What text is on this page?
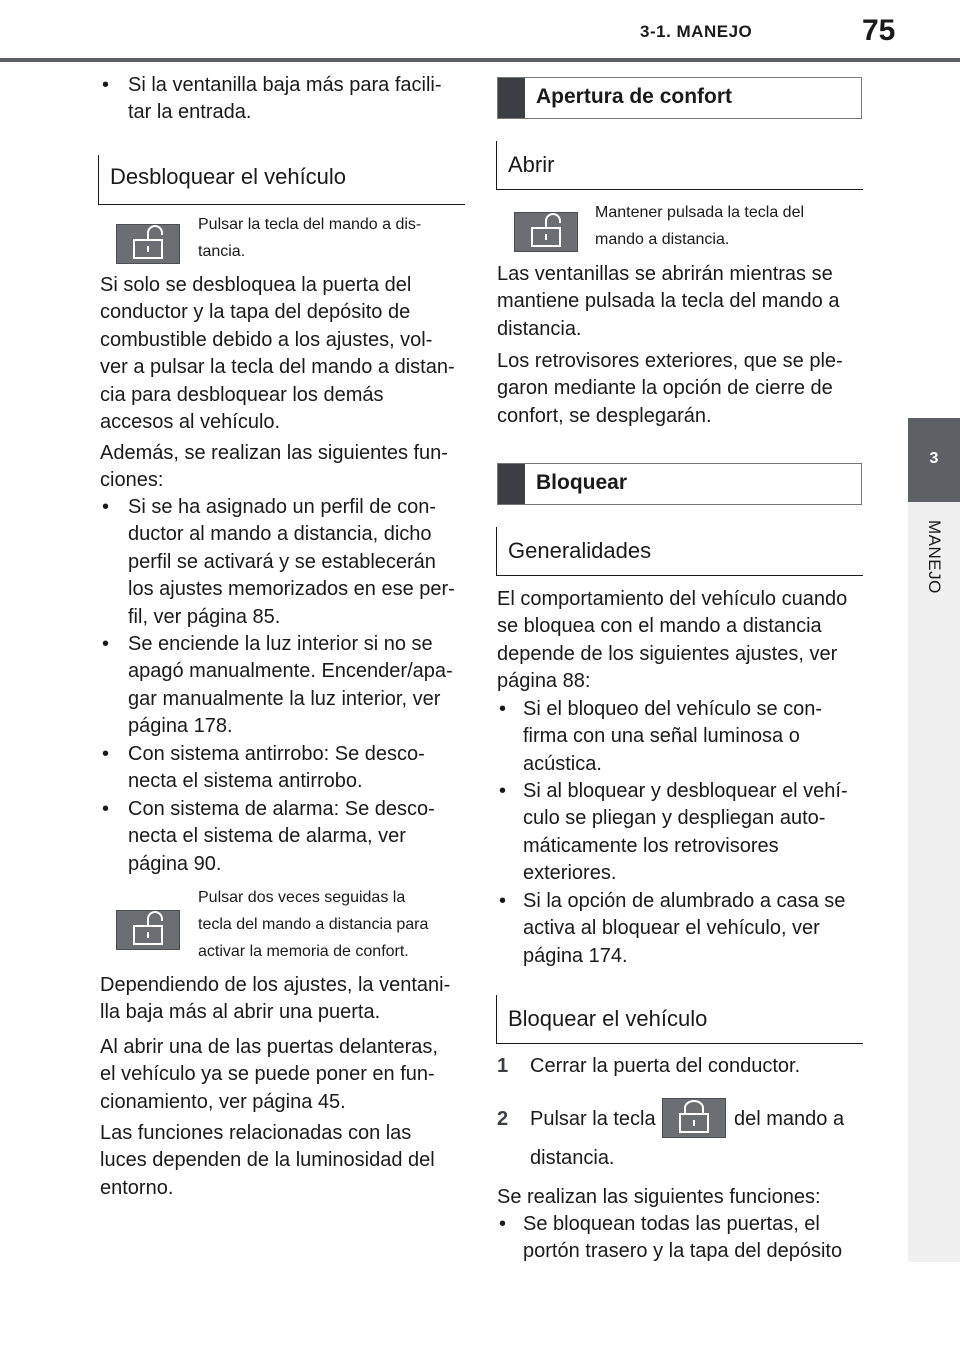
3-1. MANEJO	75
3
• Si la ventanilla baja más para facili-
tar la entrada.
Desbloquear el vehículo
Pulsar la tecla del mando a dis-
tancia.
Si solo se desbloquea la puerta del
conductor y la tapa del depósito de
combustible debido a los ajustes, vol-
ver a pulsar la tecla del mando a distan-
cia para desbloquear los demás
accesos al vehículo.
Además, se realizan las siguientes fun-
ciones:
• Si se ha asignado un perfil de con-
ductor al mando a distancia, dicho
perfil se activará y se establecerán
los ajustes memorizados en ese per-
fil, ver página 85.
• Se enciende la luz interior si no se
apagó manualmente. Encender/apa-
gar manualmente la luz interior, ver
página 178.
• Con sistema antirrobo: Se desco-
necta el sistema antirrobo.
• Con sistema de alarma: Se desco-
necta el sistema de alarma, ver
página 90.
Pulsar dos veces seguidas la
tecla del mando a distancia para
activar la memoria de confort.
Dependiendo de los ajustes, la ventani-
lla baja más al abrir una puerta.
Al abrir una de las puertas delanteras,
el vehículo ya se puede poner en fun-
cionamiento, ver página 45.
Las funciones relacionadas con las
luces dependen de la luminosidad del
entorno.
Apertura de confort
Abrir
Mantener pulsada la tecla del
mando a distancia.
Las ventanillas se abrirán mientras se
mantiene pulsada la tecla del mando a
distancia.
Los retrovisores exteriores, que se ple-
garon mediante la opción de cierre de
confort, se desplegarán.
Bloquear
Generalidades
El comportamiento del vehículo cuando
se bloquea con el mando a distancia
depende de los siguientes ajustes, ver
página 88:
• Si el bloqueo del vehículo se con-
firma con una señal luminosa o
acústica.
• Si al bloquear y desbloquear el vehí-
culo se pliegan y despliegan auto-
máticamente los retrovisores
exteriores.
• Si la opción de alumbrado a casa se
activa al bloquear el vehículo, ver
página 174.
Bloquear el vehículo
1 Cerrar la puerta del conductor.
2 Pulsar la tecla	del mando a
distancia.
Se realizan las siguientes funciones:
• Se bloquean todas las puertas, el
portón trasero y la tapa del depósito
